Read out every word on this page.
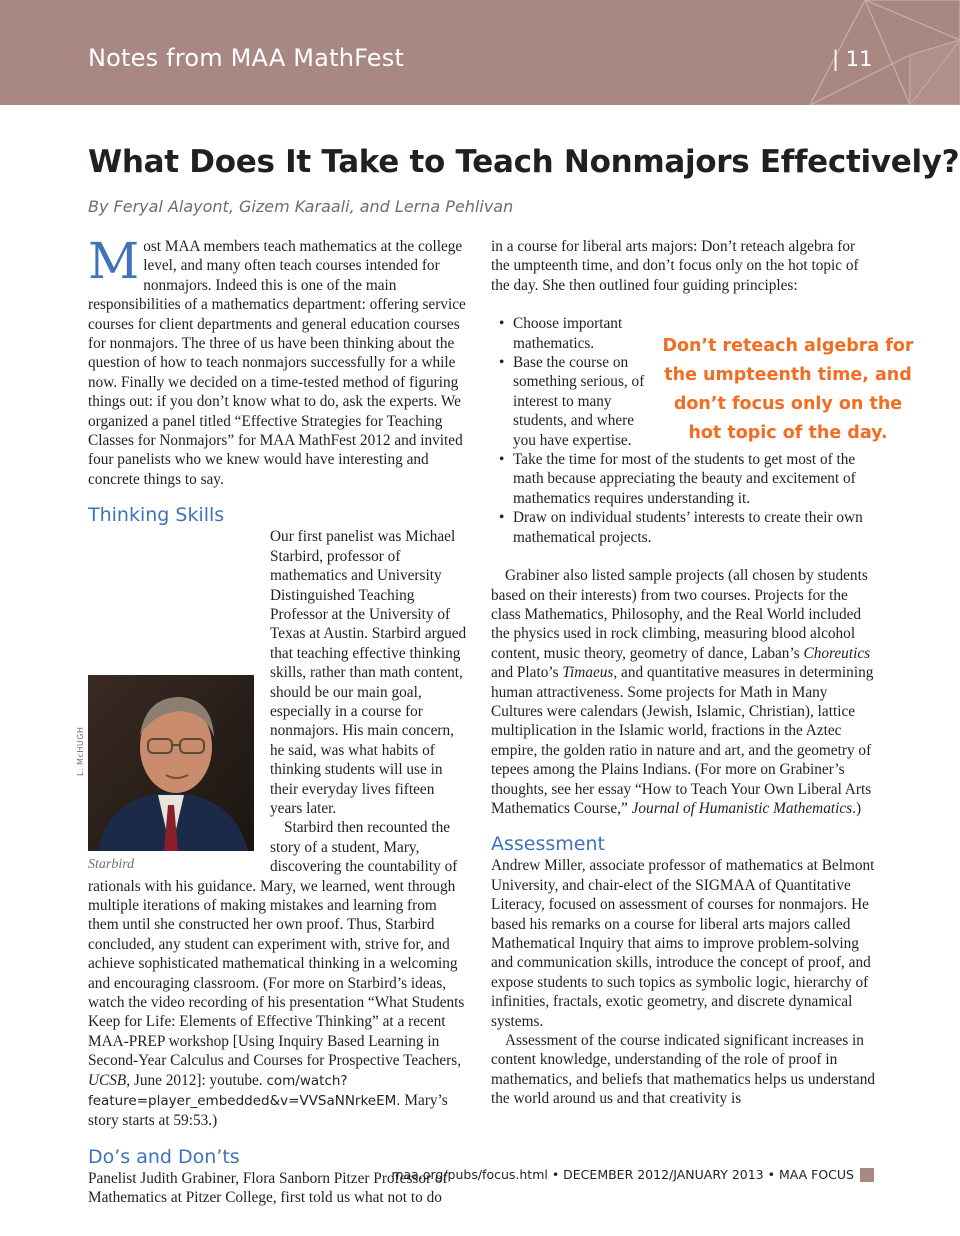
Notes from MAA MathFest	| 11
What Does It Take to Teach Nonmajors Effectively?
By Feryal Alayont, Gizem Karaali, and Lerna Pehlivan

Most MAA members teach mathematics at the college level, and many often teach courses intended for nonmajors. Indeed this is one of the main responsibilities of a mathematics department: offering service courses for client departments and general education courses for nonmajors. The three of us have been thinking about the question of how to teach nonmajors successfully for a while now. Finally we decided on a time-tested method of figuring things out: if you don’t know what to do, ask the experts. We organized a panel titled “Effective Strategies for Teaching Classes for Nonmajors” for MAA MathFest 2012 and invited four panelists who we knew would have interesting and concrete things to say.

Thinking Skills

Starbird
Our first panelist was Michael Starbird, professor of mathematics and University Distinguished Teaching Professor at the University of Texas at Austin. Starbird argued that teaching effective thinking skills, rather than math content, should be our main goal, especially in a course for nonmajors. His main concern, he said, was what habits of thinking students will use in their everyday lives fifteen years later.

Starbird then recounted the story of a student, Mary, discovering the countability of rationals with his guidance. Mary, we learned, went through multiple iterations of making mistakes and learning from them until she constructed her own proof. Thus, Starbird concluded, any student can experiment with, strive for, and achieve sophisticated mathematical thinking in a welcoming and encouraging classroom. (For more on Starbird’s ideas, watch the video recording of his presentation “What Students Keep for Life: Elements of Effective Thinking” at a recent MAA-PREP workshop [Using Inquiry Based Learning in Second-Year Calculus and Courses for Prospective Teachers, UCSB, June 2012]: youtube. com/watch?feature=player_embedded&v=VVSaNNrkeEM. Mary’s story starts at 59:53.)

Do’s and Don’ts

Panelist Judith Grabiner, Flora Sanborn Pitzer Professor of Mathematics at Pitzer College, first told us what not to do

L. McHUGH

in a course for liberal arts majors: Don’t reteach algebra for the umpteenth time, and don’t focus only on the hot topic of the day. She then outlined four guiding principles:

• Choose important mathematics.
• Base the course on something serious, of interest to many students, and where you have expertise.
• Take the time for most of the students to get most of the math because appreciating the beauty and excitement of mathematics requires understanding it.
• Draw on individual students’ interests to create their own mathematical projects.

Grabiner also listed sample projects (all chosen by students based on their interests) from two courses. Projects for the class Mathematics, Philosophy, and the Real World included the physics used in rock climbing, measuring blood alcohol content, music theory, geometry of dance, Laban’s Choreutics and Plato’s Timaeus, and quantitative measures in determining human attractiveness. Some projects for Math in Many Cultures were calendars (Jewish, Islamic, Christian), lattice multiplication in the Islamic world, fractions in the Aztec empire, the golden ratio in nature and art, and the geometry of tepees among the Plains Indians. (For more on Grabiner’s thoughts, see her essay “How to Teach Your Own Liberal Arts Mathematics Course,” Journal of Humanistic Mathematics.)

Assessment

Andrew Miller, associate professor of mathematics at Belmont University, and chair-elect of the SIGMAA of Quantitative Literacy, focused on assessment of courses for nonmajors. He based his remarks on a course for liberal arts majors called Mathematical Inquiry that aims to improve problem-solving and communication skills, introduce the concept of proof, and expose students to such topics as symbolic logic, hierarchy of infinities, fractals, exotic geometry, and discrete dynamical systems.

Assessment of the course indicated significant increases in content knowledge, understanding of the role of proof in mathematics, and beliefs that mathematics helps us understand the world around us and that creativity is

Don’t reteach algebra for the umpteenth time, and don’t focus only on the hot topic of the day.
maa.org/pubs/focus.html • DECEMBER 2012/JANUARY 2013 • MAA FOCUS
